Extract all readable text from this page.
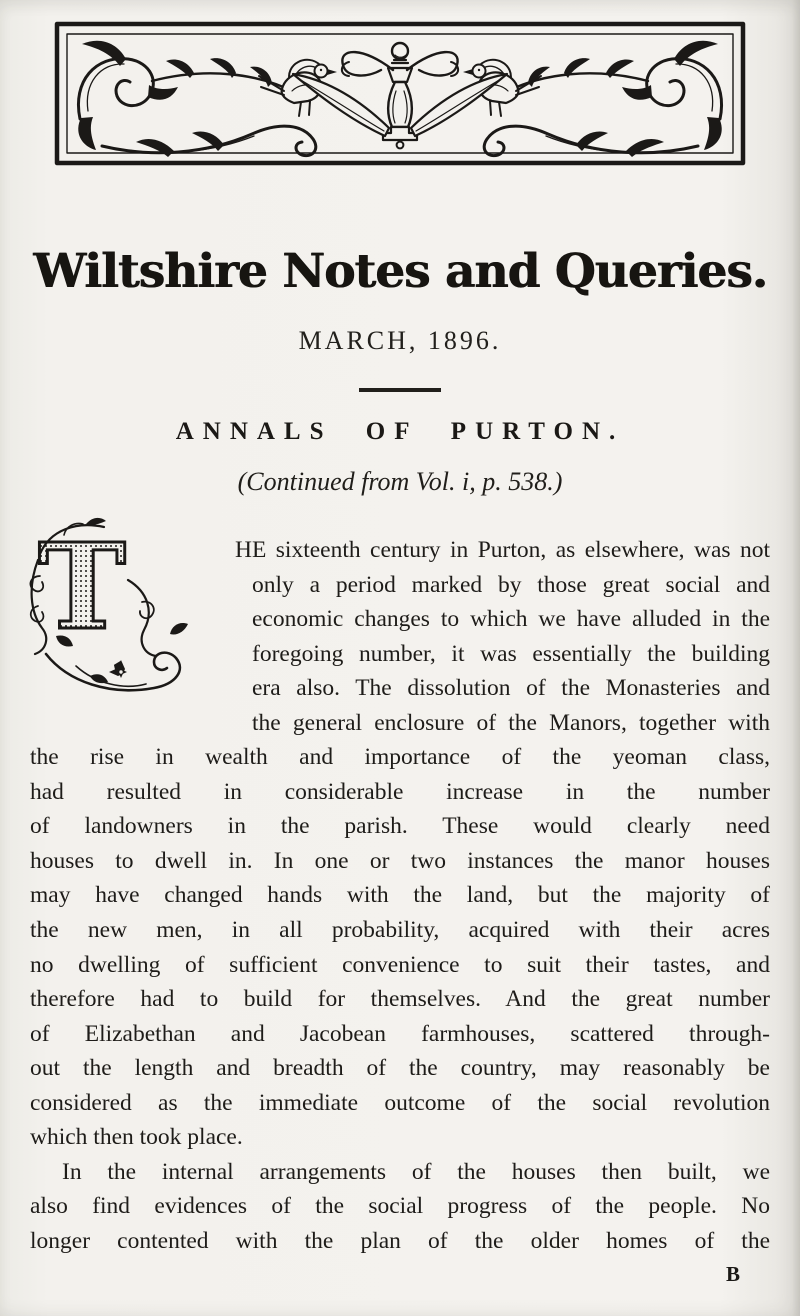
Wiltshire Notes and Queries.
MARCH, 1896.
ANNALS OF PURTON.
(Continued from Vol. i, p. 538.)
T	HE sixteenth century in Purton, as elsewhere, was not
only a period marked by those great social and
economic changes to which we have alluded in the
foregoing number, it was essentially the building
era also. The dissolution of the Monasteries and
the general enclosure of the Manors, together with
the rise in wealth and importance of the yeoman class,
had resulted in considerable increase in the number
of landowners in the parish. These would clearly need
houses to dwell in. In one or two instances the manor houses
may have changed hands with the land, but the majority of
the new men, in all probability, acquired with their acres
no dwelling of sufficient convenience to suit their tastes, and
therefore had to build for themselves. And the great number
of Elizabethan and Jacobean farmhouses, scattered through-
out the length and breadth of the country, may reasonably be
considered as the immediate outcome of the social revolution
which then took place.
In the internal arrangements of the houses then built, we
also find evidences of the social progress of the people. No
longer contented with the plan of the older homes of the
B
